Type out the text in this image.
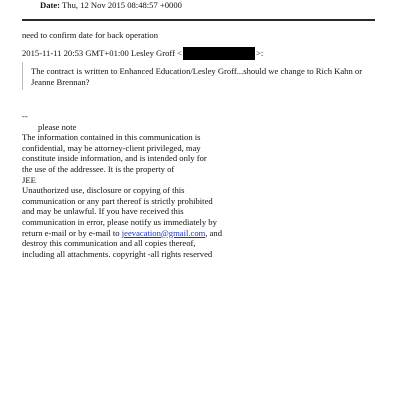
Date: Thu, 12 Nov 2015 08:48:57 +0000
need to confirm date for back operation
2015-11-11 20:53 GMT+01:00 Lesley Groff <	>:
The contract is written to Enhanced Education/Lesley Groff...should we change to Rich Kahn or Jeanne Brennan?
--
please note
The information contained in this communication is
confidential, may be attorney-client privileged, may
constitute inside information, and is intended only for
the use of the addressee. It is the property of
JEE
Unauthorized use, disclosure or copying of this
communication or any part thereof is strictly prohibited
and may be unlawful. If you have received this
communication in error, please notify us immediately by
return e-mail or by e-mail to jeevacation@gmail.com, and
destroy this communication and all copies thereof,
including all attachments. copyright -all rights reserved
